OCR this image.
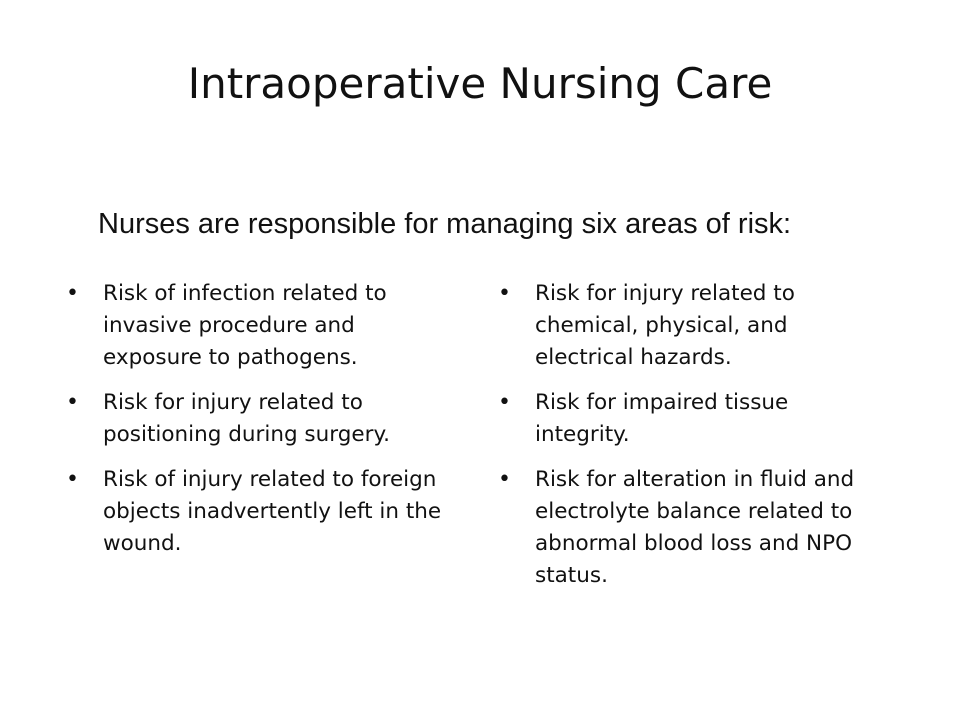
Intraoperative Nursing Care
Nurses are responsible for managing six areas of risk:
• Risk of infection related to invasive procedure and exposure to pathogens.
• Risk for injury related to positioning during surgery.
• Risk of injury related to foreign objects inadvertently left in the wound.
• Risk for injury related to chemical, physical, and electrical hazards.
• Risk for impaired tissue integrity.
• Risk for alteration in fluid and electrolyte balance related to abnormal blood loss and NPO status.
